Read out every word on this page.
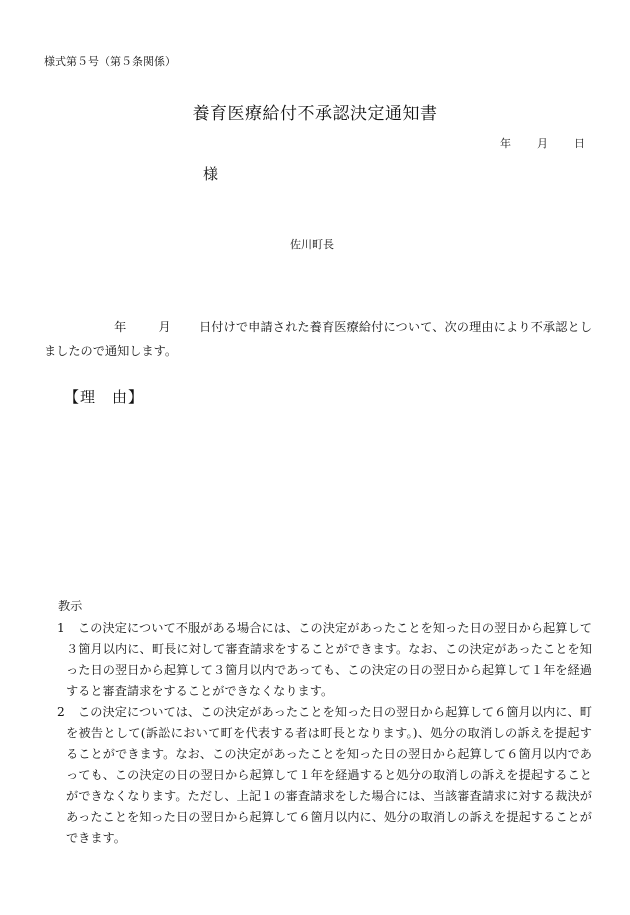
様式第５号（第５条関係）
養育医療給付不承認決定通知書
年 月 日
様
佐川町長
年	月 日付けで申請された養育医療給付について、次の理由により不承認としましたので通知します。
【理　由】
教示
1	この決定について不服がある場合には、この決定があったことを知った日の翌日から起算して３箇月以内に、町長に対して審査請求をすることができます。なお、この決定があったことを知った日の翌日から起算して３箇月以内であっても、この決定の日の翌日から起算して１年を経過すると審査請求をすることができなくなります。
2	この決定については、この決定があったことを知った日の翌日から起算して６箇月以内に、町を被告として(訴訟において町を代表する者は町長となります。)、処分の取消しの訴えを提起することができます。なお、この決定があったことを知った日の翌日から起算して６箇月以内であっても、この決定の日の翌日から起算して１年を経過すると処分の取消しの訴えを提起することができなくなります。ただし、上記１の審査請求をした場合には、当該審査請求に対する裁決があったことを知った日の翌日から起算して６箇月以内に、処分の取消しの訴えを提起することができます。
